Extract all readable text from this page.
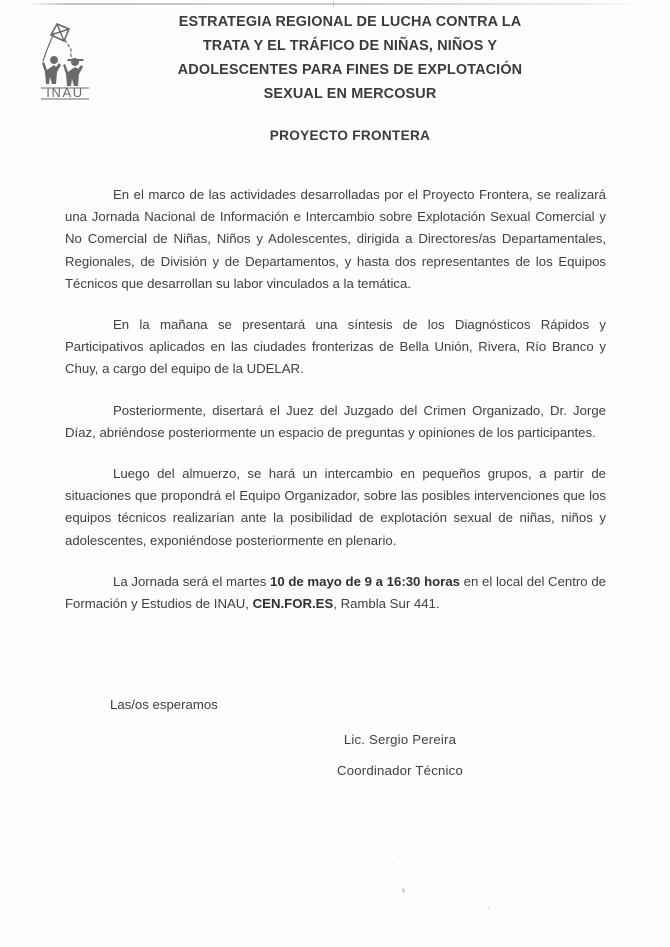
INAU
ESTRATEGIA REGIONAL DE LUCHA CONTRA LA
TRATA Y EL TRÁFICO DE NIÑAS, NIÑOS Y
ADOLESCENTES PARA FINES DE EXPLOTACIÓN
SEXUAL EN MERCOSUR
PROYECTO FRONTERA

En el marco de las actividades desarrolladas por el Proyecto Frontera, se realizará una Jornada Nacional de Información e Intercambio sobre Explotación Sexual Comercial y No Comercial de Niñas, Niños y Adolescentes, dirigida a Directores/as Departamentales, Regionales, de División y de Departamentos, y hasta dos representantes de los Equipos Técnicos que desarrollan su labor vinculados a la temática.

En la mañana se presentará una síntesis de los Diagnósticos Rápidos y Participativos aplicados en las ciudades fronterizas de Bella Unión, Rivera, Río Branco y Chuy, a cargo del equipo de la UDELAR.

Posteriormente, disertará el Juez del Juzgado del Crimen Organizado, Dr. Jorge Díaz, abriéndose posteriormente un espacio de preguntas y opiniones de los participantes.

Luego del almuerzo, se hará un intercambio en pequeños grupos, a partir de situaciones que propondrá el Equipo Organizador, sobre las posibles intervenciones que los equipos técnicos realizarían ante la posibilidad de explotación sexual de niñas, niños y adolescentes, exponiéndose posteriormente en plenario.

La Jornada será el martes 10 de mayo de 9 a 16:30 horas en el local del Centro de Formación y Estudios de INAU, CEN.FOR.ES, Rambla Sur 441.

Las/os esperamos
Lic. Sergio Pereira
Coordinador Técnico
